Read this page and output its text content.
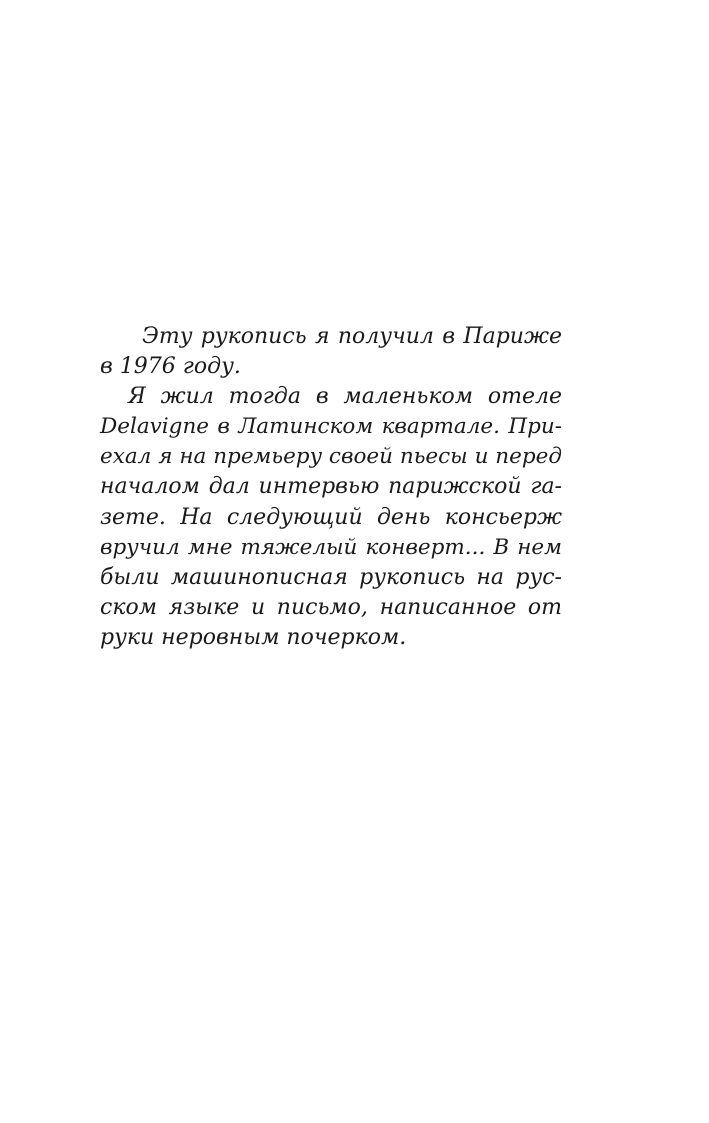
Эту рукопись я получил в Париже
в 1976 году.
Я жил тогда в маленьком отеле
Delavigne в Латинском квартале. При-
ехал я на премьеру своей пьесы и перед
началом дал интервью парижской га-
зете. На следующий день консьерж
вручил мне тяжелый конверт... В нем
были машинописная рукопись на рус-
ском языке и письмо, написанное от
руки неровным почерком.
